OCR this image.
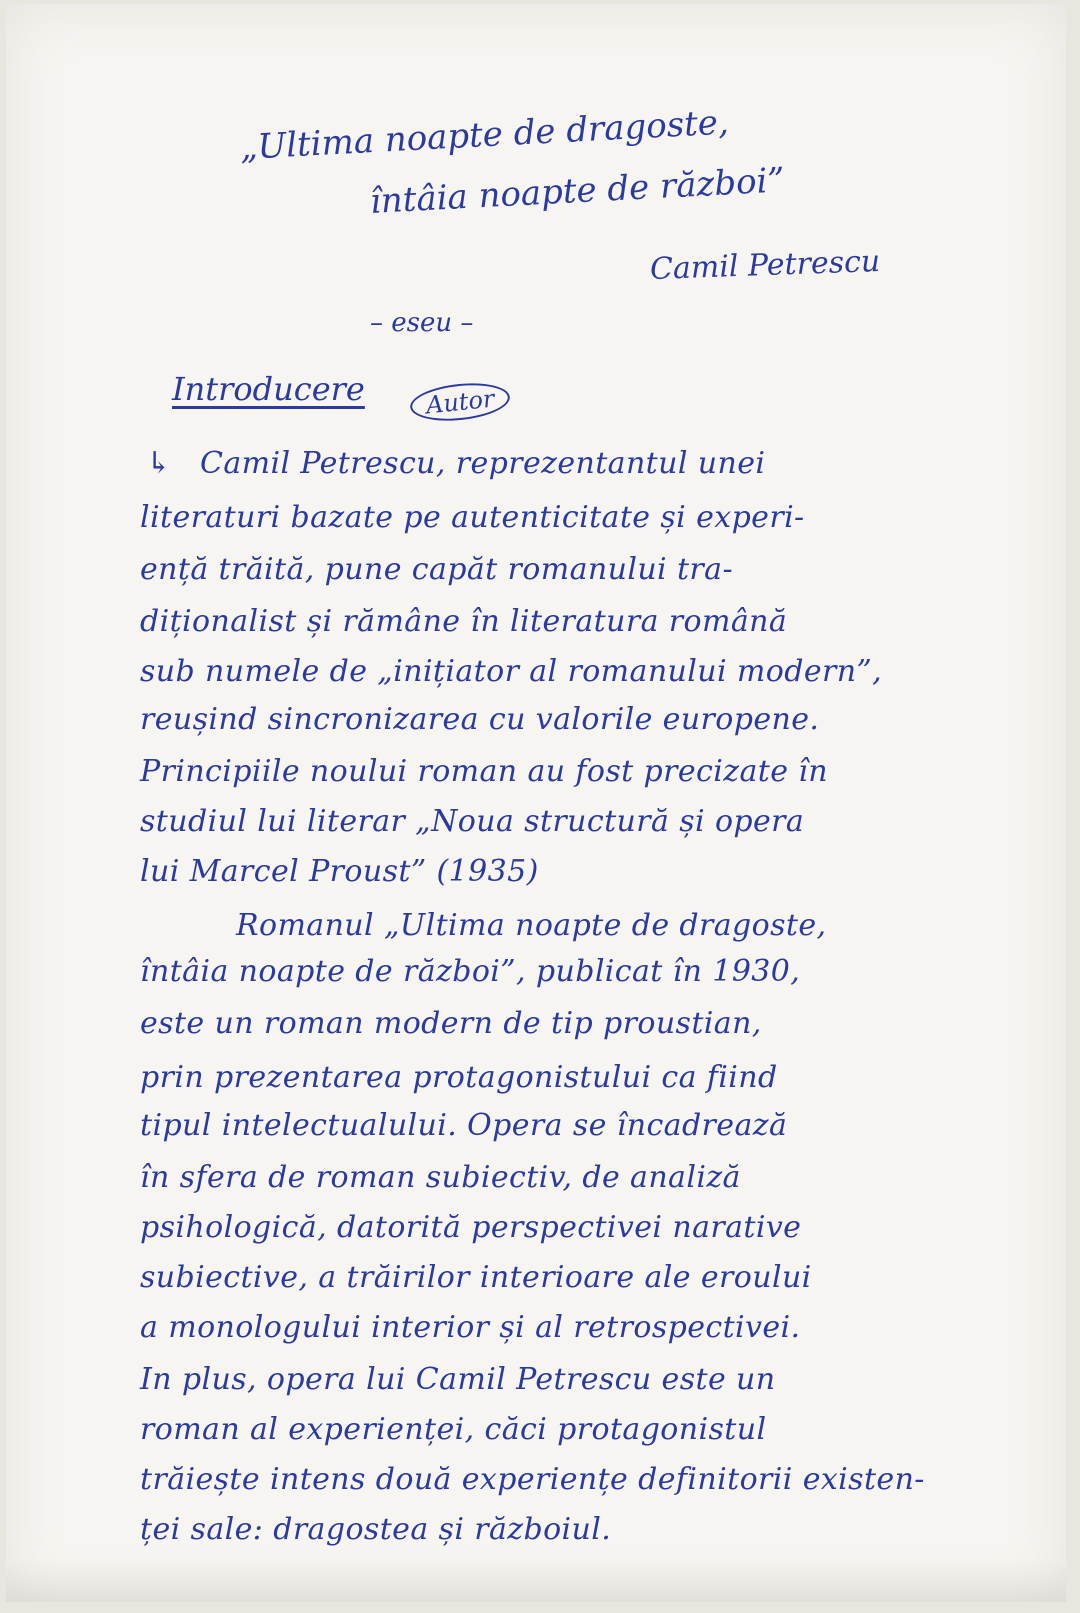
„Ultima noapte de dragoste,

întâia noapte de război”

Camil Petrescu

– eseu –

Introducere	Autor

↳ Camil Petrescu, reprezentantul unei

literaturi bazate pe autenticitate și experi-

ență trăită, pune capăt romanului tra-

diționalist și rămâne în literatura română

sub numele de „inițiator al romanului modern”,

reușind sincronizarea cu valorile europene.

Principiile noului roman au fost precizate în

studiul lui literar „Noua structură și opera

lui Marcel Proust” (1935)

Romanul „Ultima noapte de dragoste,

întâia noapte de război”, publicat în 1930,

este un roman modern de tip proustian,

prin prezentarea protagonistului ca fiind

tipul intelectualului. Opera se încadrează

în sfera de roman subiectiv, de analiză

psihologică, datorită perspectivei narative

subiective, a trăirilor interioare ale eroului

a monologului interior și al retrospectivei.

In plus, opera lui Camil Petrescu este un

roman al experienței, căci protagonistul

trăiește intens două experiențe definitorii existen-

ței sale: dragostea și războiul.
